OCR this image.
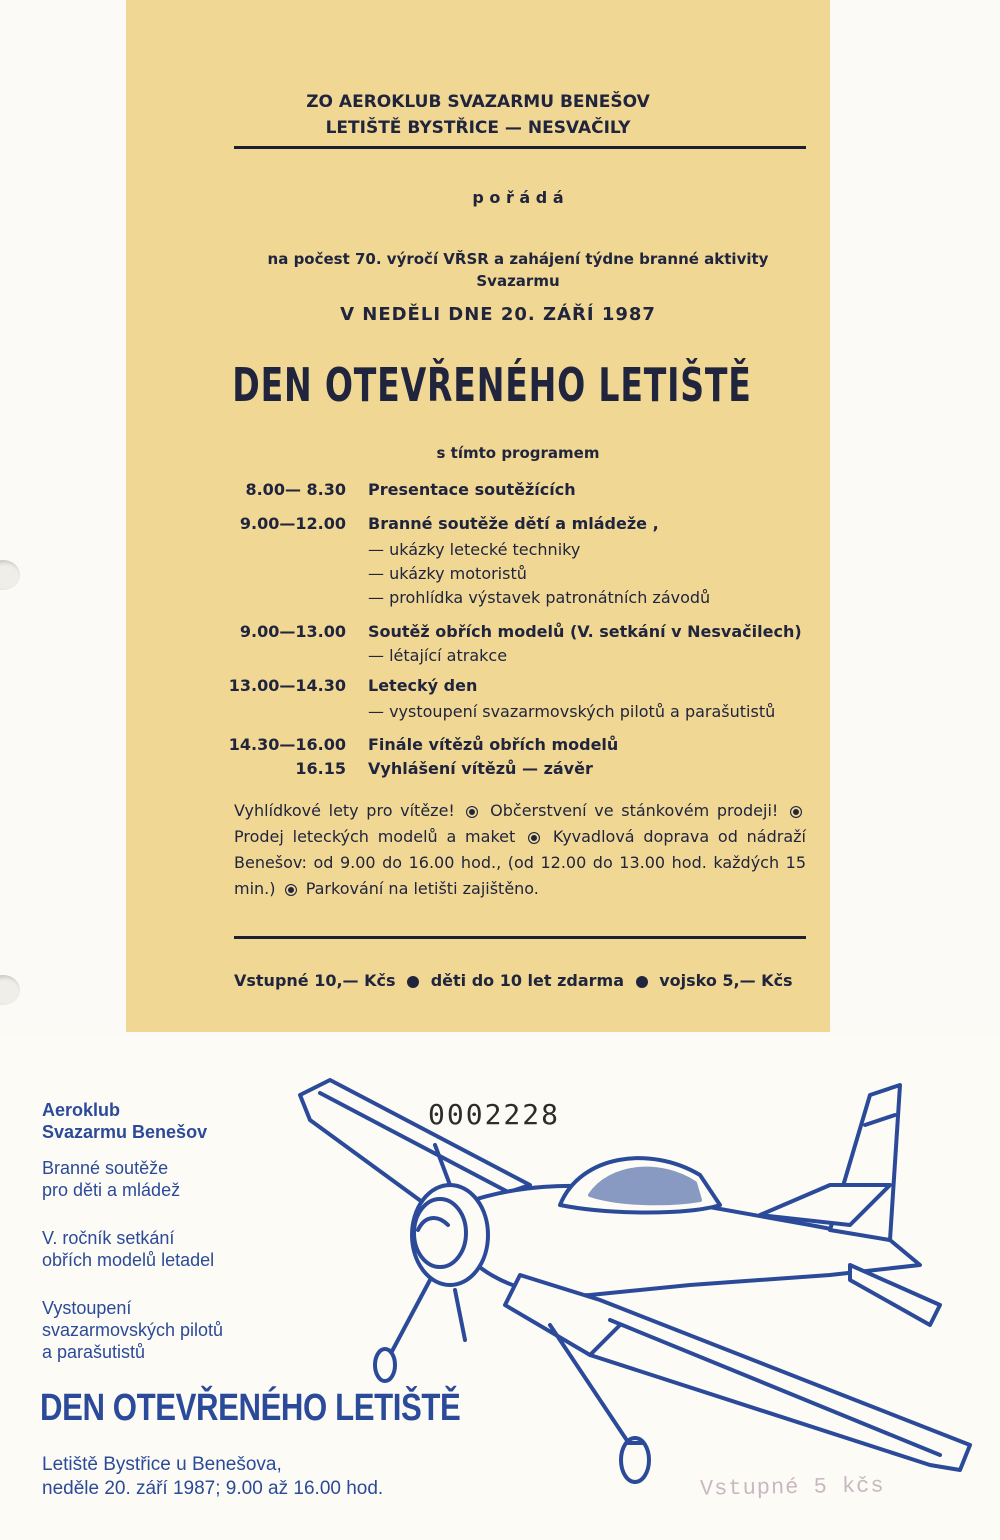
ZO AEROKLUB SVAZARMU BENEŠOV
LETIŠTĚ BYSTŘICE — NESVAČILY
p o ř á d á
na počest 70. výročí VŘSR a zahájení týdne branné aktivity
Svazarmu
V NEDĚLI DNE 20. ZÁŘÍ 1987
DEN OTEVŘENÉHO LETIŠTĚ
s tímto programem
8.00— 8.30 Presentace soutěžících
9.00—12.00 Branné soutěže dětí a mládeže ,
— ukázky letecké techniky
— ukázky motoristů
— prohlídka výstavek patronátních závodů
9.00—13.00 Soutěž obřích modelů (V. setkání v Nesvačilech)
— létající atrakce
13.00—14.30 Letecký den
— vystoupení svazarmovských pilotů a parašutistů
14.30—16.00 Finále vítězů obřích modelů
16.15 Vyhlášení vítězů — závěr
Vyhlídkové lety pro vítěze! Občerstvení ve stánkovém prodeji!  Prodej leteckých modelů a maket Kyvadlová doprava od nádraží Benešov: od 9.00 do 16.00 hod., (od 12.00 do 13.00 hod. každých 15 min.) Parkování na letišti zajištěno.
Vstupné 10,— Kčs děti do 10 let zdarma vojsko 5,— Kčs
Aeroklub
Svazarmu Benešov
Branné soutěže
pro děti a mládež
V. ročník setkání
obřích modelů letadel
Vystoupení
svazarmovských pilotů
a parašutistů
DEN OTEVŘENÉHO LETIŠTĚ
Letiště Bystřice u Benešova,
neděle 20. září 1987; 9.00 až 16.00 hod.
0002228
Vstupné 5 kčs
